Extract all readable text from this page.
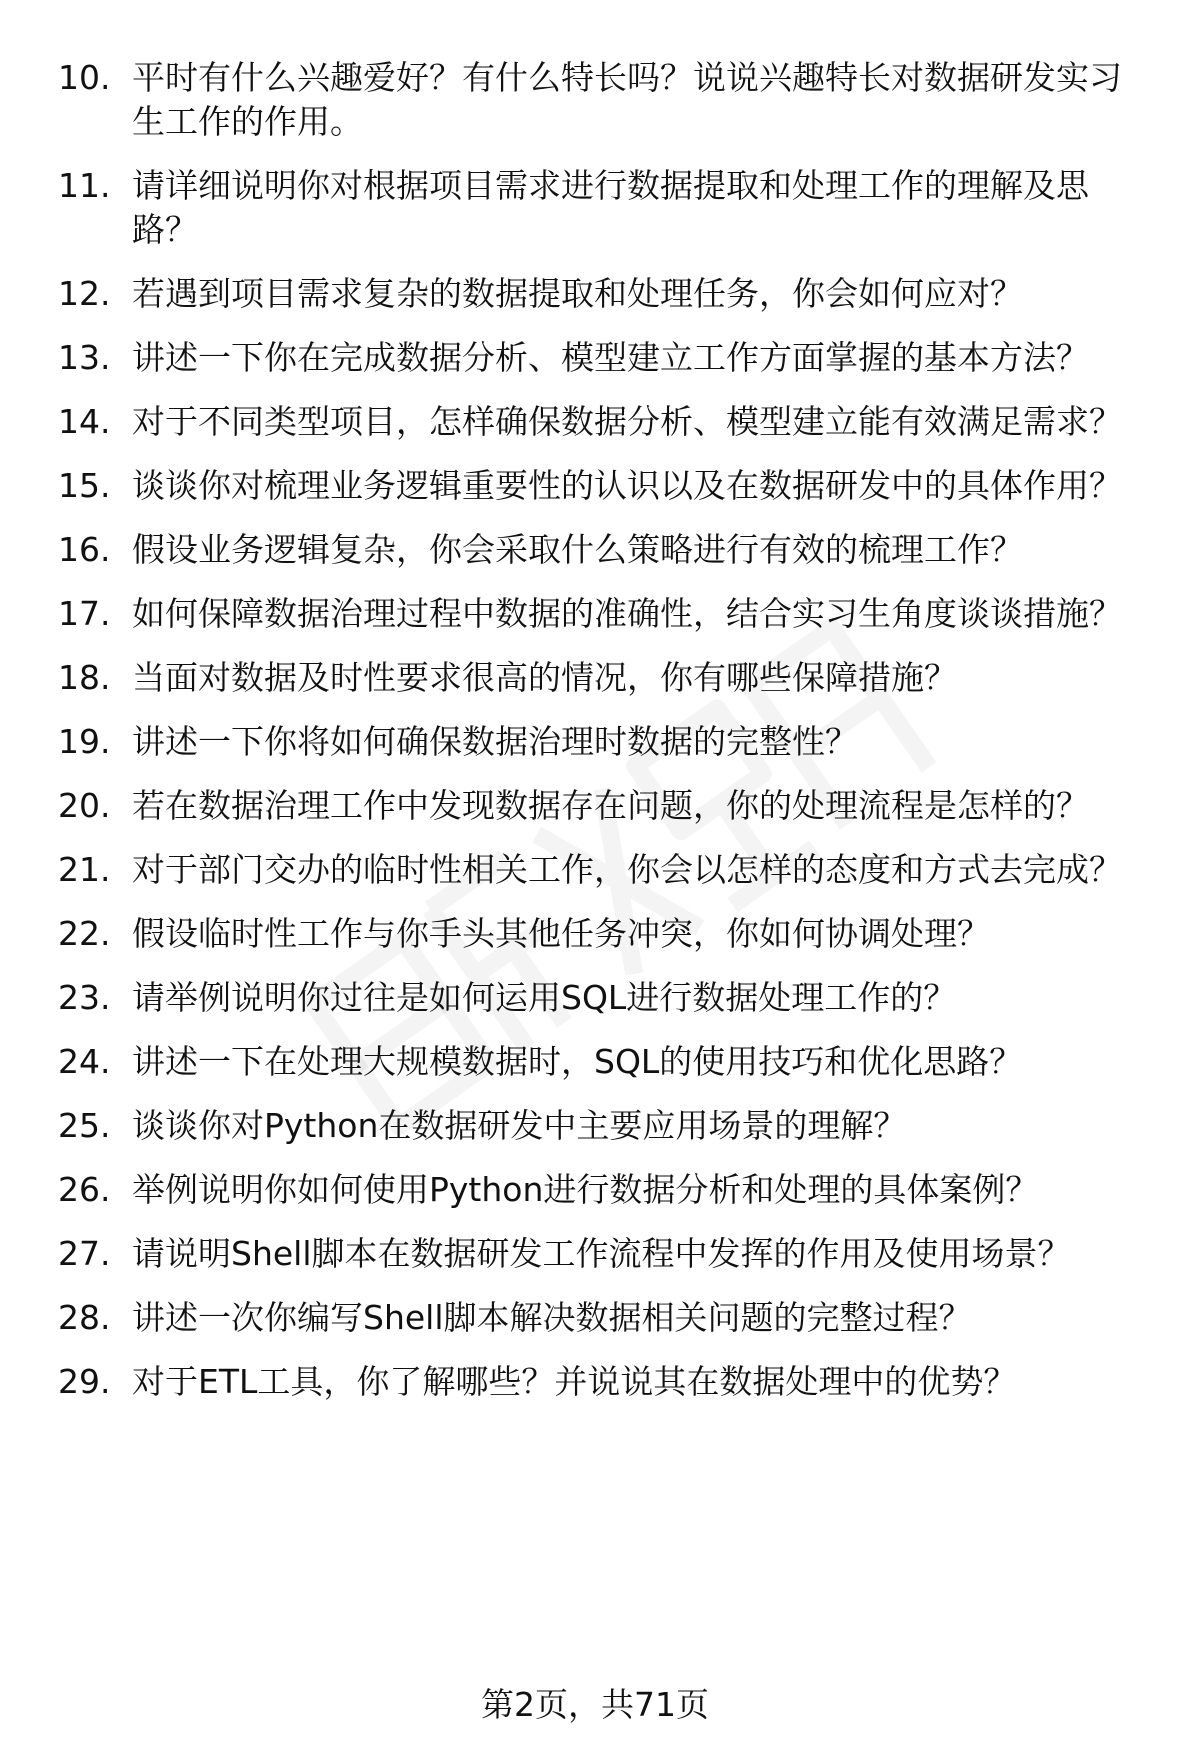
10. 平时有什么兴趣爱好？有什么特长吗？说说兴趣特长对数据研发实习生工作的作用。
11. 请详细说明你对根据项目需求进行数据提取和处理工作的理解及思路？
12. 若遇到项目需求复杂的数据提取和处理任务，你会如何应对？
13. 讲述一下你在完成数据分析、模型建立工作方面掌握的基本方法？
14. 对于不同类型项目，怎样确保数据分析、模型建立能有效满足需求？
15. 谈谈你对梳理业务逻辑重要性的认识以及在数据研发中的具体作用？
16. 假设业务逻辑复杂，你会采取什么策略进行有效的梳理工作？
17. 如何保障数据治理过程中数据的准确性，结合实习生角度谈谈措施？
18. 当面对数据及时性要求很高的情况，你有哪些保障措施？
19. 讲述一下你将如何确保数据治理时数据的完整性？
20. 若在数据治理工作中发现数据存在问题，你的处理流程是怎样的？
21. 对于部门交办的临时性相关工作，你会以怎样的态度和方式去完成？
22. 假设临时性工作与你手头其他任务冲突，你如何协调处理？
23. 请举例说明你过往是如何运用SQL进行数据处理工作的？
24. 讲述一下在处理大规模数据时，SQL的使用技巧和优化思路？
25. 谈谈你对Python在数据研发中主要应用场景的理解？
26. 举例说明你如何使用Python进行数据分析和处理的具体案例？
27. 请说明Shell脚本在数据研发工作流程中发挥的作用及使用场景？
28. 讲述一次你编写Shell脚本解决数据相关问题的完整过程？
29. 对于ETL工具，你了解哪些？并说说其在数据处理中的优势？
第2页，共71页
